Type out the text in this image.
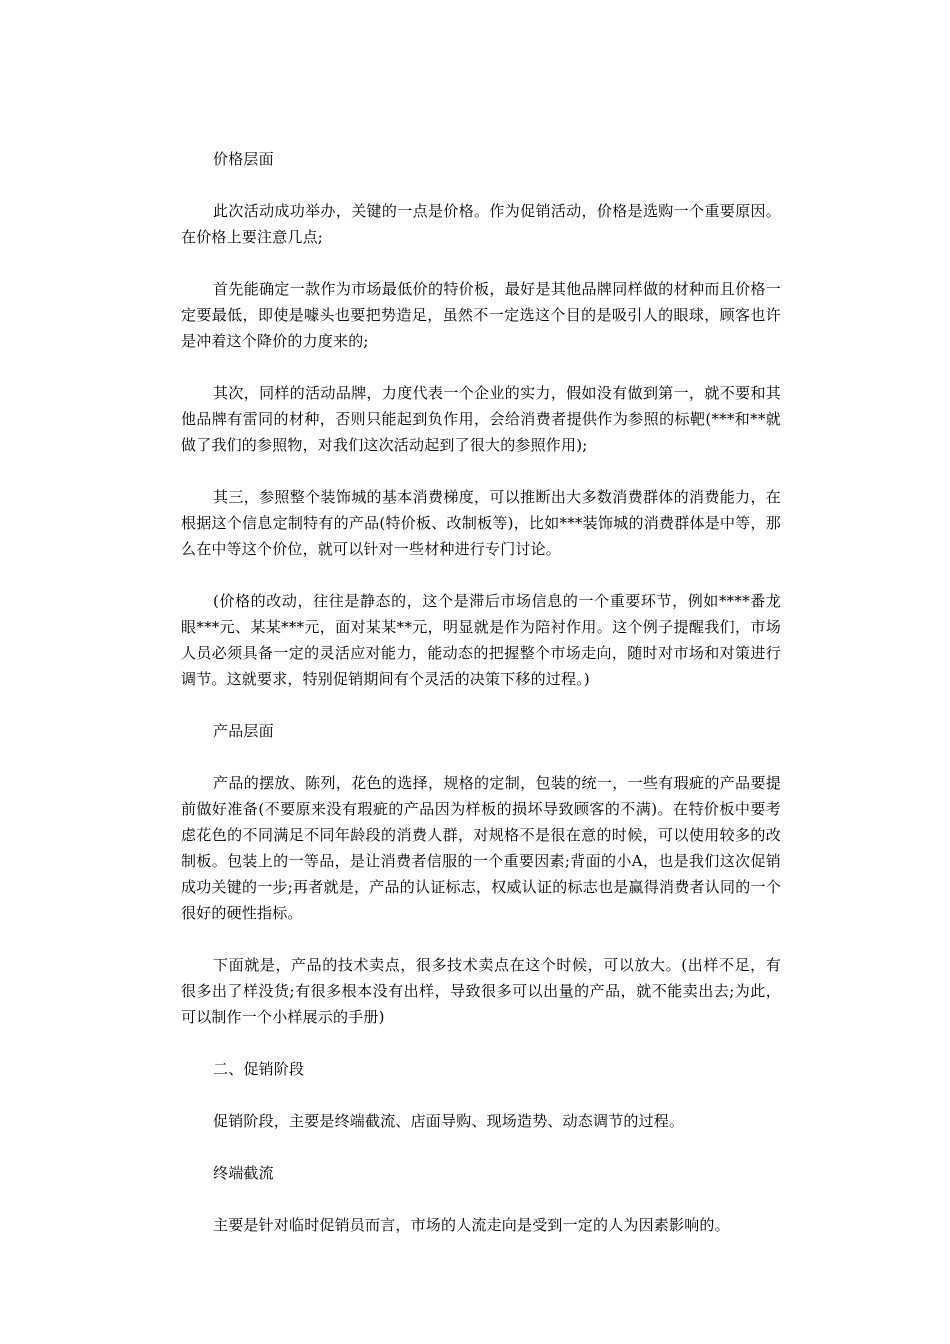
价格层面

此次活动成功举办，关键的一点是价格。作为促销活动，价格是选购一个重要原因。在价格上要注意几点;

首先能确定一款作为市场最低价的特价板，最好是其他品牌同样做的材种而且价格一定要最低，即使是噱头也要把势造足，虽然不一定选这个目的是吸引人的眼球，顾客也许是冲着这个降价的力度来的;

其次，同样的活动品牌，力度代表一个企业的实力，假如没有做到第一，就不要和其他品牌有雷同的材种，否则只能起到负作用，会给消费者提供作为参照的标靶(***和**就做了我们的参照物，对我们这次活动起到了很大的参照作用);

其三，参照整个装饰城的基本消费梯度，可以推断出大多数消费群体的消费能力，在根据这个信息定制特有的产品(特价板、改制板等)，比如***装饰城的消费群体是中等，那么在中等这个价位，就可以针对一些材种进行专门讨论。

(价格的改动，往往是静态的，这个是滞后市场信息的一个重要环节，例如****番龙眼***元、某某***元，面对某某**元，明显就是作为陪衬作用。这个例子提醒我们，市场人员必须具备一定的灵活应对能力，能动态的把握整个市场走向，随时对市场和对策进行调节。这就要求，特别促销期间有个灵活的决策下移的过程。)

产品层面

产品的摆放、陈列，花色的选择，规格的定制，包装的统一，一些有瑕疵的产品要提前做好准备(不要原来没有瑕疵的产品因为样板的损坏导致顾客的不满)。在特价板中要考虑花色的不同满足不同年龄段的消费人群，对规格不是很在意的时候，可以使用较多的改制板。包装上的一等品，是让消费者信服的一个重要因素;背面的小A，也是我们这次促销成功关键的一步;再者就是，产品的认证标志，权威认证的标志也是赢得消费者认同的一个很好的硬性指标。

下面就是，产品的技术卖点，很多技术卖点在这个时候，可以放大。(出样不足，有很多出了样没货;有很多根本没有出样，导致很多可以出量的产品，就不能卖出去;为此，可以制作一个小样展示的手册)

二、促销阶段

促销阶段，主要是终端截流、店面导购、现场造势、动态调节的过程。

终端截流

主要是针对临时促销员而言，市场的人流走向是受到一定的人为因素影响的。
